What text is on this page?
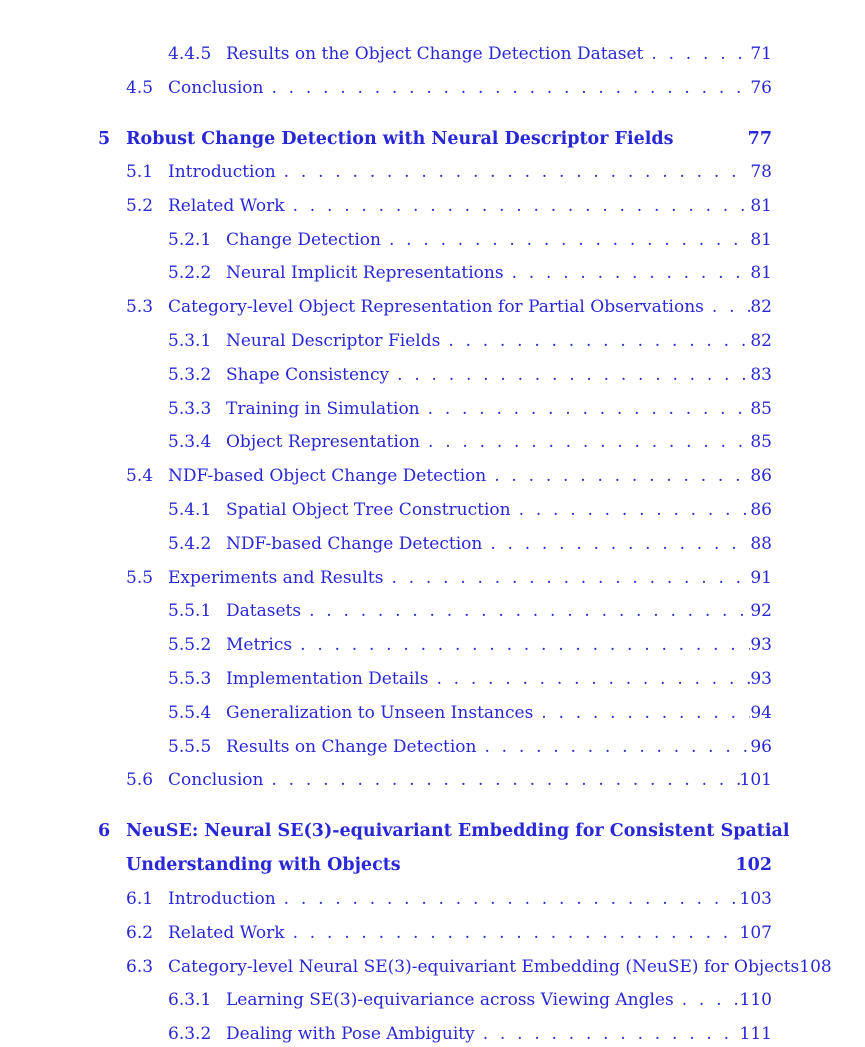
4.4.5 Results on the Object Change Detection Dataset . . .	71
4.5 Conclusion . . .	76
5 Robust Change Detection with Neural Descriptor Fields	77
5.1 Introduction . . .	78
5.2 Related Work . . .	81
5.2.1 Change Detection . . .	81
5.2.2 Neural Implicit Representations . . .	81
5.3 Category-level Object Representation for Partial Observations . . .	82
5.3.1 Neural Descriptor Fields . . .	82
5.3.2 Shape Consistency . . .	83
5.3.3 Training in Simulation . . .	85
5.3.4 Object Representation . . .	85
5.4 NDF-based Object Change Detection . . .	86
5.4.1 Spatial Object Tree Construction . . .	86
5.4.2 NDF-based Change Detection . . .	88
5.5 Experiments and Results . . .	91
5.5.1 Datasets . . .	92
5.5.2 Metrics . . .	93
5.5.3 Implementation Details . . .	93
5.5.4 Generalization to Unseen Instances . . .	94
5.5.5 Results on Change Detection . . .	96
5.6 Conclusion . . .	101
6 NeuSE: Neural SE(3)-equivariant Embedding for Consistent Spatial
Understanding with Objects	102
6.1 Introduction . . .	103
6.2 Related Work . . .	107
6.3 Category-level Neural SE(3)-equivariant Embedding (NeuSE) for Objects 108
6.3.1 Learning SE(3)-equivariance across Viewing Angles . . .	110
6.3.2 Dealing with Pose Ambiguity . . .	111
